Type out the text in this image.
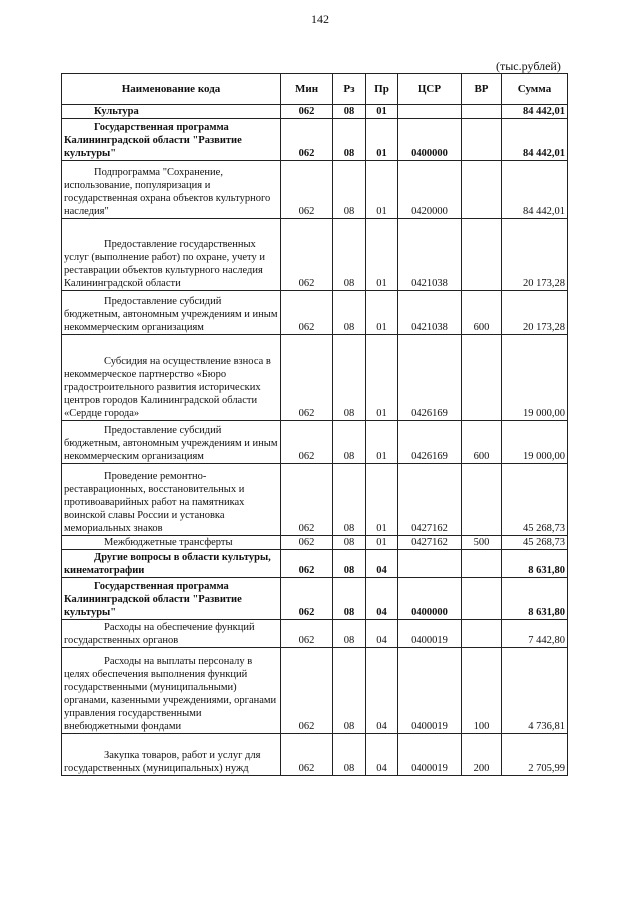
142
(тыс.рублей)
Наименование кода	Мин	Рз	Пр	ЦСР	ВР	Сумма
Культура	062	08	01			84 442,01
Государственная программа Калининградской области "Развитие культуры"	062	08	01	0400000		84 442,01
Подпрограмма "Сохранение, использование, популяризация и государственная охрана объектов культурного наследия"	062	08	01	0420000		84 442,01
Предоставление государственных услуг (выполнение работ) по охране, учету и реставрации объектов культурного наследия Калининградской области	062	08	01	0421038		20 173,28
Предоставление субсидий бюджетным, автономным учреждениям и иным некоммерческим организациям	062	08	01	0421038	600	20 173,28
Субсидия на осуществление взноса в некоммерческое партнерство «Бюро градостроительного развития исторических центров городов Калининградской области «Сердце города»	062	08	01	0426169		19 000,00
Предоставление субсидий бюджетным, автономным учреждениям и иным некоммерческим организациям	062	08	01	0426169	600	19 000,00
Проведение ремонтно-реставрационных, восстановительных и противоаварийных работ на памятниках воинской славы России и установка мемориальных знаков	062	08	01	0427162		45 268,73
Межбюджетные трансферты	062	08	01	0427162	500	45 268,73
Другие вопросы в области культуры, кинематографии	062	08	04			8 631,80
Государственная программа Калининградской области "Развитие культуры"	062	08	04	0400000		8 631,80
Расходы на обеспечение функций государственных органов	062	08	04	0400019		7 442,80
Расходы на выплаты персоналу в целях обеспечения выполнения функций государственными (муниципальными) органами, казенными учреждениями, органами управления государственными внебюджетными фондами	062	08	04	0400019	100	4 736,81
Закупка товаров, работ и услуг для государственных (муниципальных) нужд	062	08	04	0400019	200	2 705,99
